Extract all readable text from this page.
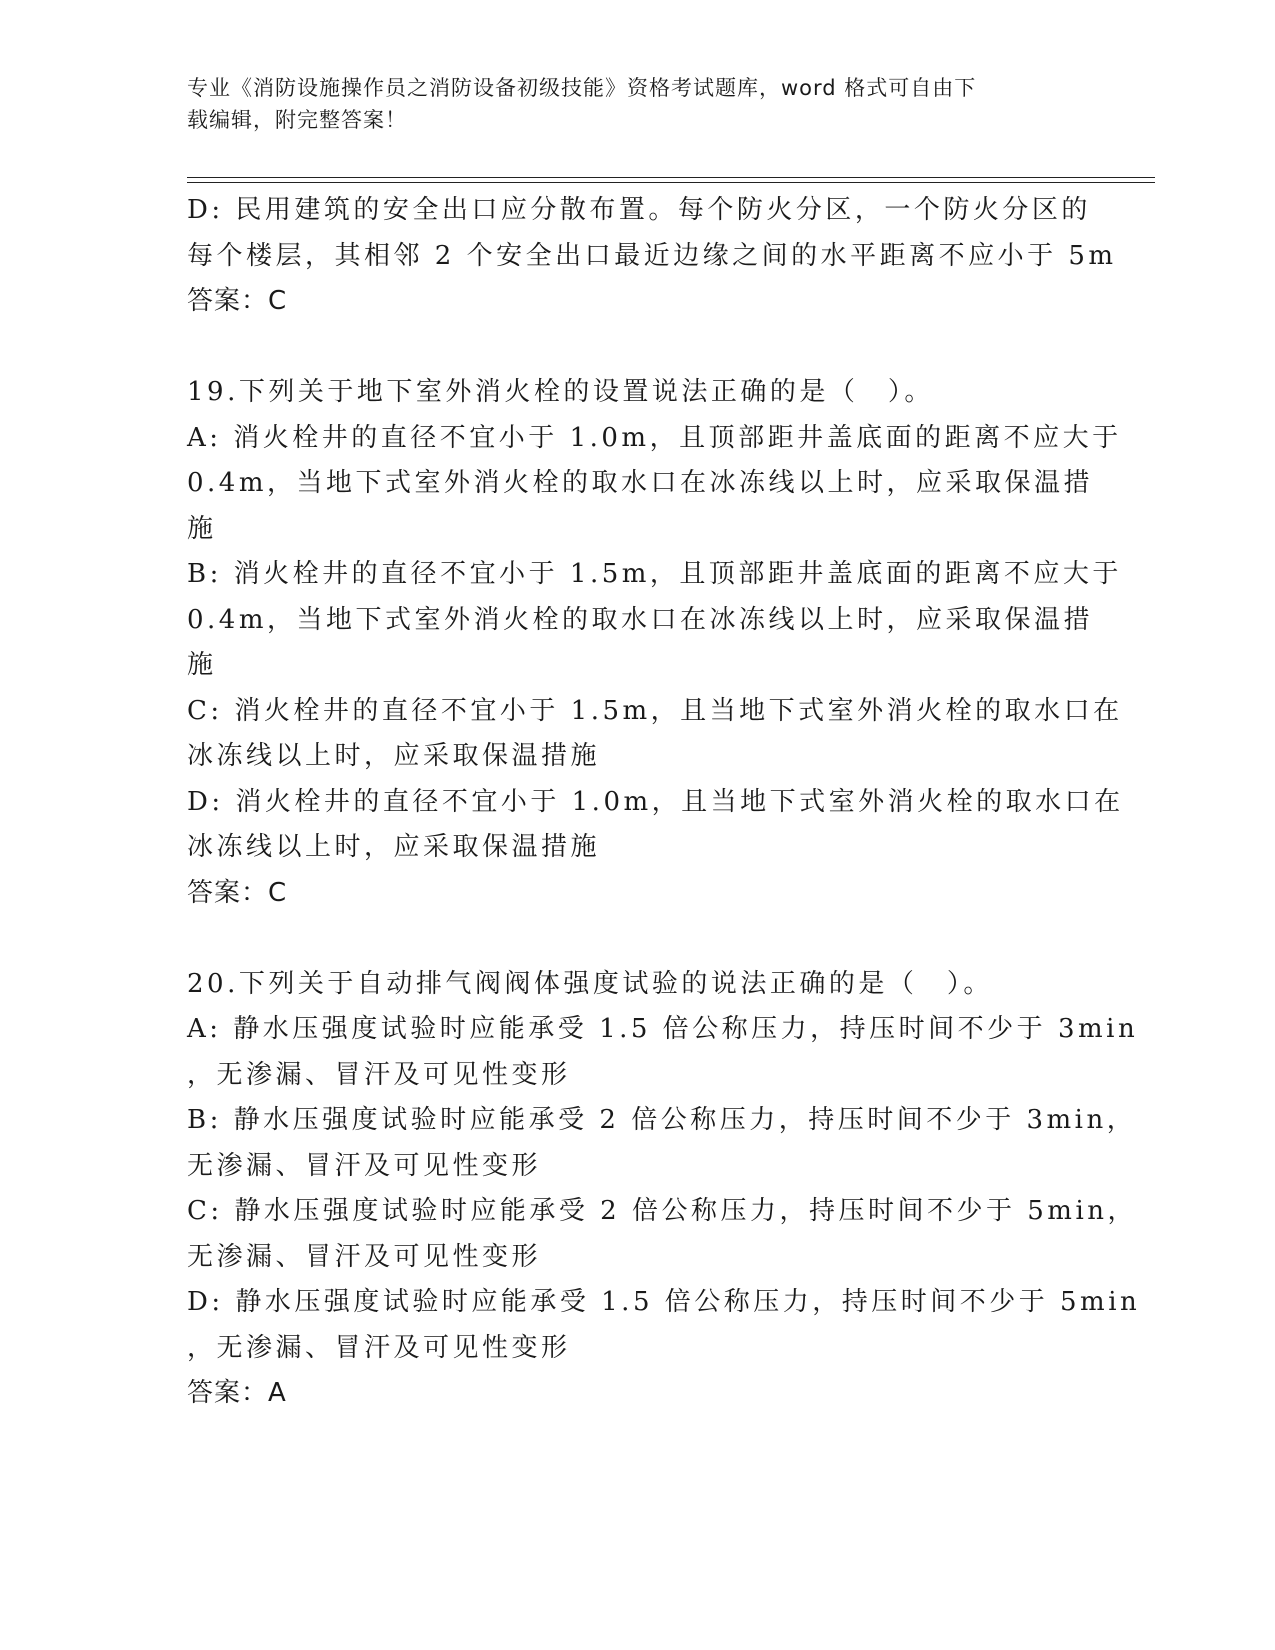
专业《消防设施操作员之消防设备初级技能》资格考试题库，word 格式可自由下
载编辑，附完整答案！
D: 民用建筑的安全出口应分散布置。每个防火分区，一个防火分区的
每个楼层，其相邻 2 个安全出口最近边缘之间的水平距离不应小于 5m
答案：C
19.下列关于地下室外消火栓的设置说法正确的是（　）。
A: 消火栓井的直径不宜小于 1.0m，且顶部距井盖底面的距离不应大于
0.4m，当地下式室外消火栓的取水口在冰冻线以上时，应采取保温措
施
B: 消火栓井的直径不宜小于 1.5m，且顶部距井盖底面的距离不应大于
0.4m，当地下式室外消火栓的取水口在冰冻线以上时，应采取保温措
施
C: 消火栓井的直径不宜小于 1.5m，且当地下式室外消火栓的取水口在
冰冻线以上时，应采取保温措施
D: 消火栓井的直径不宜小于 1.0m，且当地下式室外消火栓的取水口在
冰冻线以上时，应采取保温措施
答案：C
20.下列关于自动排气阀阀体强度试验的说法正确的是（　）。
A: 静水压强度试验时应能承受 1.5 倍公称压力，持压时间不少于 3min
，无渗漏、冒汗及可见性变形
B: 静水压强度试验时应能承受 2 倍公称压力，持压时间不少于 3min，
无渗漏、冒汗及可见性变形
C: 静水压强度试验时应能承受 2 倍公称压力，持压时间不少于 5min，
无渗漏、冒汗及可见性变形
D: 静水压强度试验时应能承受 1.5 倍公称压力，持压时间不少于 5min
，无渗漏、冒汗及可见性变形
答案：A
